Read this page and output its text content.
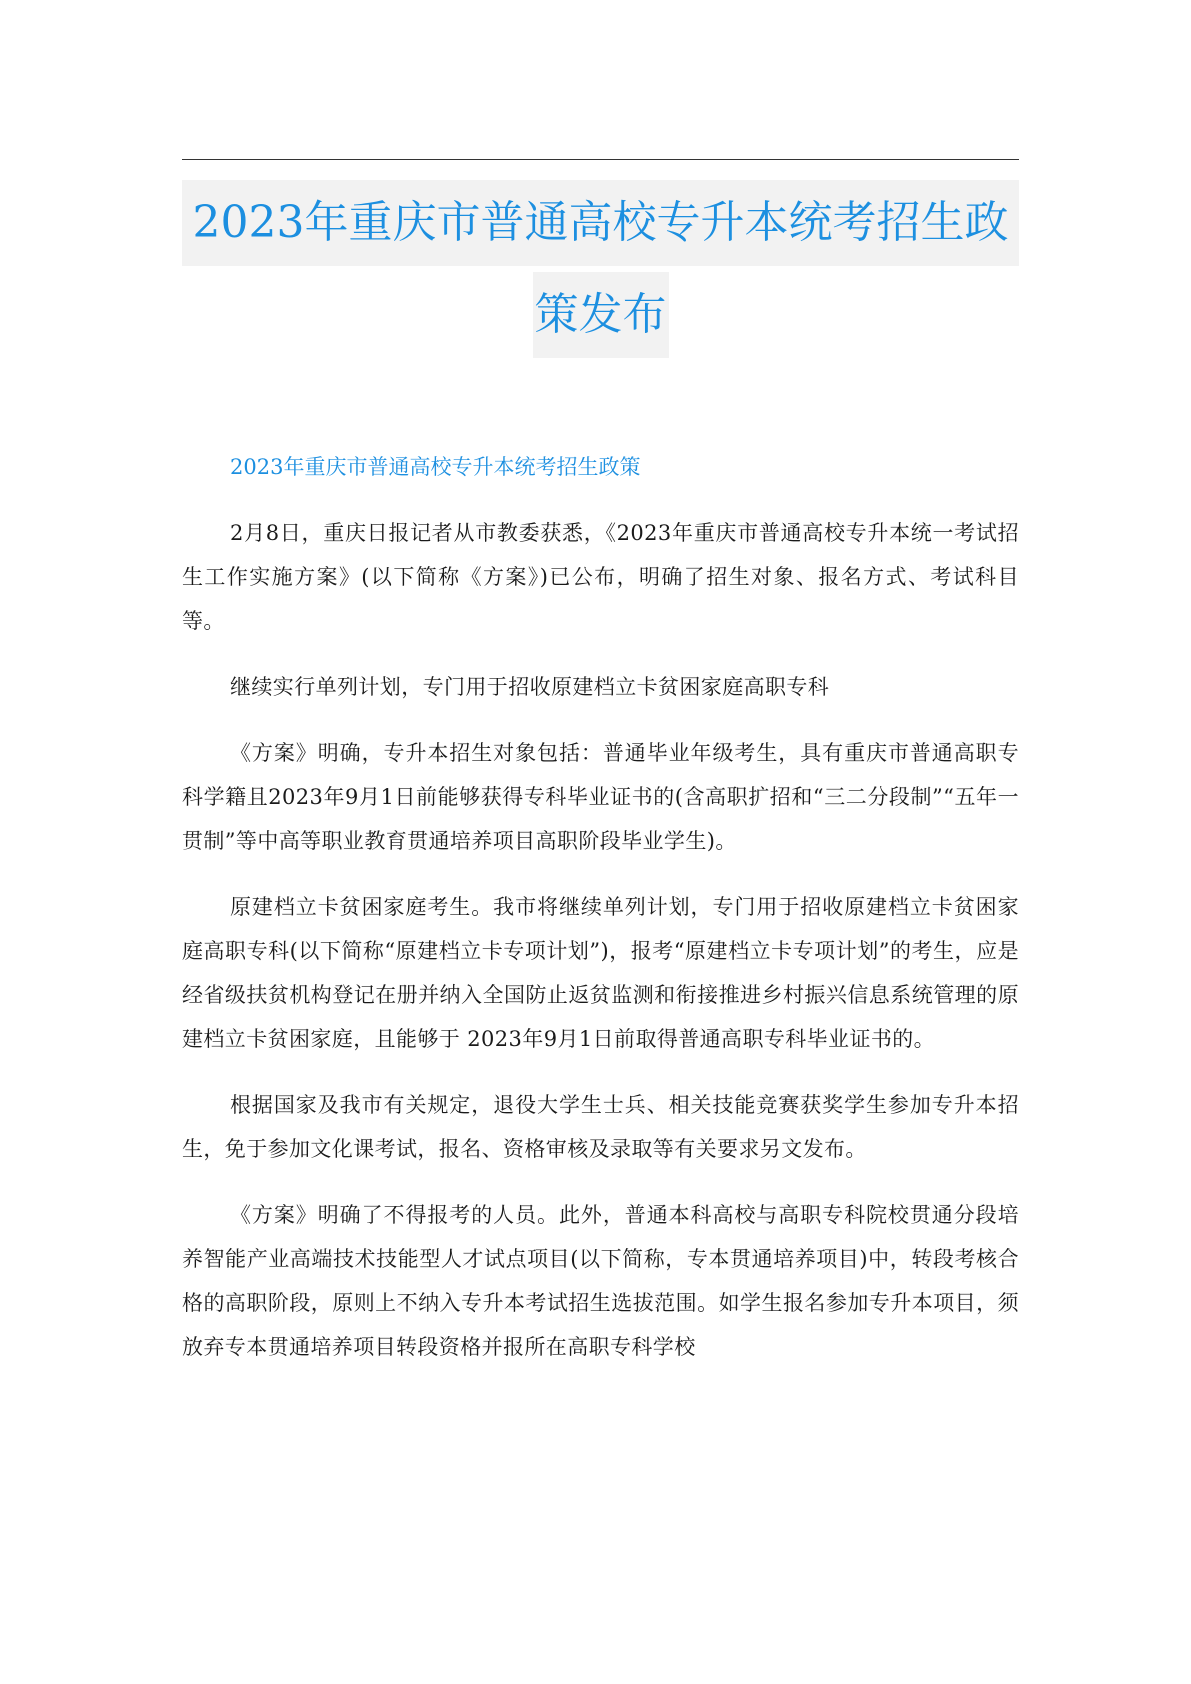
2023年重庆市普通高校专升本统考招生政
策发布

2023年重庆市普通高校专升本统考招生政策

2月8日，重庆日报记者从市教委获悉，《2023年重庆市普通高校专升本统一考试招生工作实施方案》(以下简称《方案》)已公布，明确了招生对象、报名方式、考试科目等。

继续实行单列计划，专门用于招收原建档立卡贫困家庭高职专科

《方案》明确，专升本招生对象包括：普通毕业年级考生，具有重庆市普通高职专科学籍且2023年9月1日前能够获得专科毕业证书的(含高职扩招和“三二分段制”“五年一贯制”等中高等职业教育贯通培养项目高职阶段毕业学生)。

原建档立卡贫困家庭考生。我市将继续单列计划，专门用于招收原建档立卡贫困家庭高职专科(以下简称“原建档立卡专项计划”)，报考“原建档立卡专项计划”的考生，应是经省级扶贫机构登记在册并纳入全国防止返贫监测和衔接推进乡村振兴信息系统管理的原建档立卡贫困家庭，且能够于 2023年9月1日前取得普通高职专科毕业证书的。

根据国家及我市有关规定，退役大学生士兵、相关技能竞赛获奖学生参加专升本招生，免于参加文化课考试，报名、资格审核及录取等有关要求另文发布。

《方案》明确了不得报考的人员。此外，普通本科高校与高职专科院校贯通分段培养智能产业高端技术技能型人才试点项目(以下简称，专本贯通培养项目)中，转段考核合格的高职阶段，原则上不纳入专升本考试招生选拔范围。如学生报名参加专升本项目，须放弃专本贯通培养项目转段资格并报所在高职专科学校
